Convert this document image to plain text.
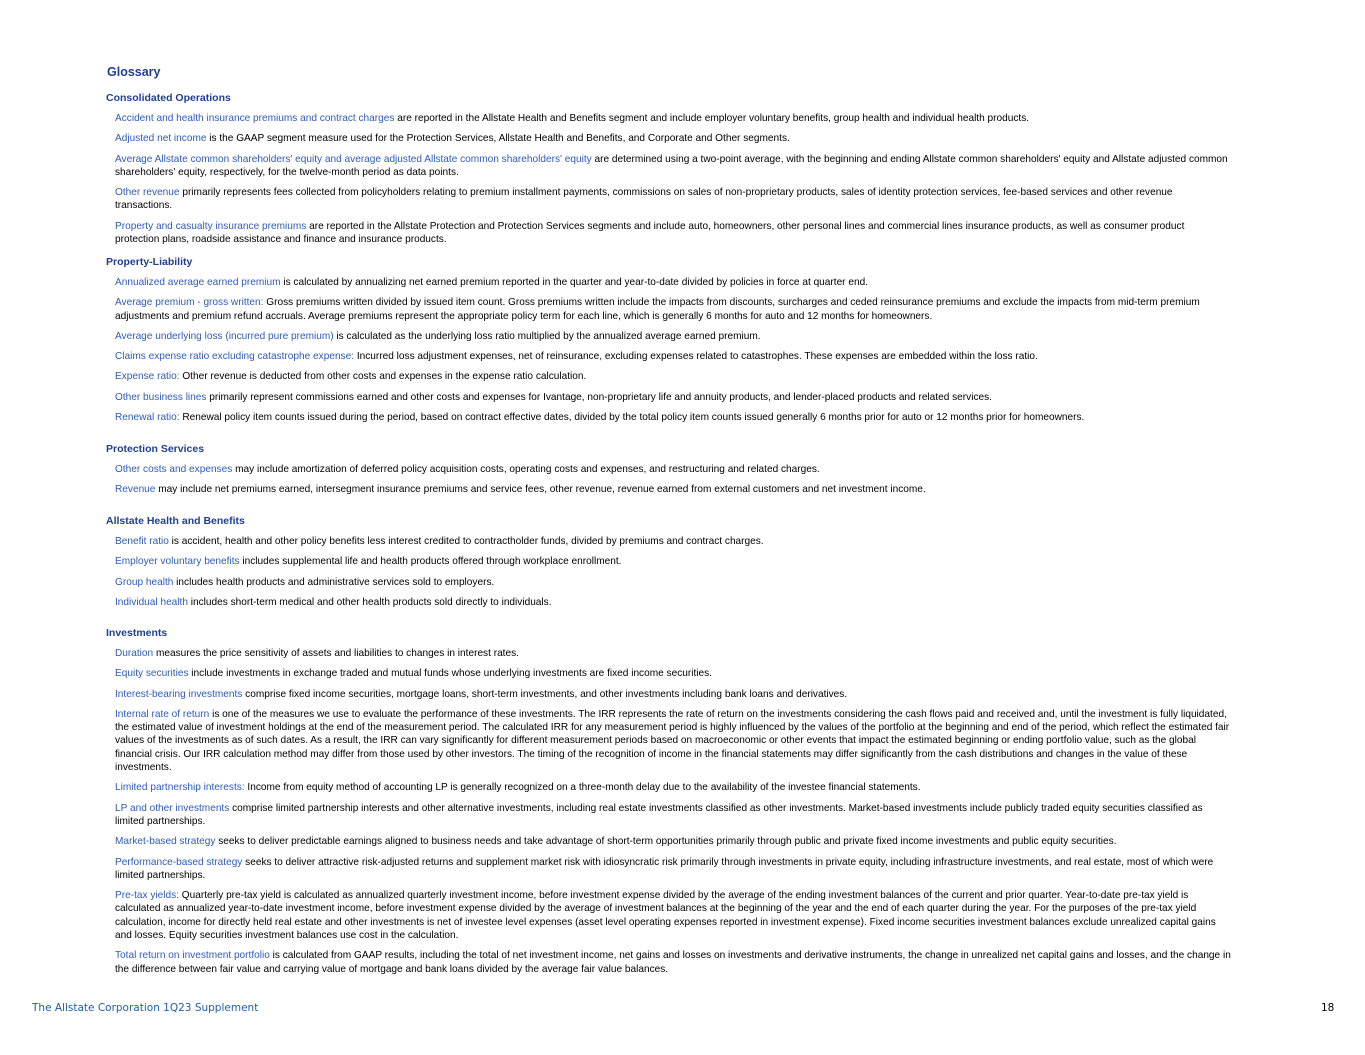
Glossary
Consolidated Operations
Accident and health insurance premiums and contract charges are reported in the Allstate Health and Benefits segment and include employer voluntary benefits, group health and individual health products.
Adjusted net income is the GAAP segment measure used for the Protection Services, Allstate Health and Benefits, and Corporate and Other segments.
Average Allstate common shareholders' equity and average adjusted Allstate common shareholders' equity are determined using a two-point average, with the beginning and ending Allstate common shareholders' equity and Allstate adjusted common shareholders' equity, respectively, for the twelve-month period as data points.
Other revenue primarily represents fees collected from policyholders relating to premium installment payments, commissions on sales of non-proprietary products, sales of identity protection services, fee-based services and other revenue transactions.
Property and casualty insurance premiums are reported in the Allstate Protection and Protection Services segments and include auto, homeowners, other personal lines and commercial lines insurance products, as well as consumer product protection plans, roadside assistance and finance and insurance products.
Property-Liability
Annualized average earned premium is calculated by annualizing net earned premium reported in the quarter and year-to-date divided by policies in force at quarter end.
Average premium - gross written: Gross premiums written divided by issued item count. Gross premiums written include the impacts from discounts, surcharges and ceded reinsurance premiums and exclude the impacts from mid-term premium adjustments and premium refund accruals. Average premiums represent the appropriate policy term for each line, which is generally 6 months for auto and 12 months for homeowners.
Average underlying loss (incurred pure premium) is calculated as the underlying loss ratio multiplied by the annualized average earned premium.
Claims expense ratio excluding catastrophe expense: Incurred loss adjustment expenses, net of reinsurance, excluding expenses related to catastrophes. These expenses are embedded within the loss ratio.
Expense ratio: Other revenue is deducted from other costs and expenses in the expense ratio calculation.
Other business lines primarily represent commissions earned and other costs and expenses for Ivantage, non-proprietary life and annuity products, and lender-placed products and related services.
Renewal ratio: Renewal policy item counts issued during the period, based on contract effective dates, divided by the total policy item counts issued generally 6 months prior for auto or 12 months prior for homeowners.
Protection Services
Other costs and expenses may include amortization of deferred policy acquisition costs, operating costs and expenses, and restructuring and related charges.
Revenue may include net premiums earned, intersegment insurance premiums and service fees, other revenue, revenue earned from external customers and net investment income.
Allstate Health and Benefits
Benefit ratio is accident, health and other policy benefits less interest credited to contractholder funds, divided by premiums and contract charges.
Employer voluntary benefits includes supplemental life and health products offered through workplace enrollment.
Group health includes health products and administrative services sold to employers.
Individual health includes short-term medical and other health products sold directly to individuals.
Investments
Duration measures the price sensitivity of assets and liabilities to changes in interest rates.
Equity securities include investments in exchange traded and mutual funds whose underlying investments are fixed income securities.
Interest-bearing investments comprise fixed income securities, mortgage loans, short-term investments, and other investments including bank loans and derivatives.
Internal rate of return is one of the measures we use to evaluate the performance of these investments. The IRR represents the rate of return on the investments considering the cash flows paid and received and, until the investment is fully liquidated, the estimated value of investment holdings at the end of the measurement period. The calculated IRR for any measurement period is highly influenced by the values of the portfolio at the beginning and end of the period, which reflect the estimated fair values of the investments as of such dates. As a result, the IRR can vary significantly for different measurement periods based on macroeconomic or other events that impact the estimated beginning or ending portfolio value, such as the global financial crisis. Our IRR calculation method may differ from those used by other investors. The timing of the recognition of income in the financial statements may differ significantly from the cash distributions and changes in the value of these investments.
Limited partnership interests: Income from equity method of accounting LP is generally recognized on a three-month delay due to the availability of the investee financial statements.
LP and other investments comprise limited partnership interests and other alternative investments, including real estate investments classified as other investments. Market-based investments include publicly traded equity securities classified as limited partnerships.
Market-based strategy seeks to deliver predictable earnings aligned to business needs and take advantage of short-term opportunities primarily through public and private fixed income investments and public equity securities.
Performance-based strategy seeks to deliver attractive risk-adjusted returns and supplement market risk with idiosyncratic risk primarily through investments in private equity, including infrastructure investments, and real estate, most of which were limited partnerships.
Pre-tax yields: Quarterly pre-tax yield is calculated as annualized quarterly investment income, before investment expense divided by the average of the ending investment balances of the current and prior quarter. Year-to-date pre-tax yield is calculated as annualized year-to-date investment income, before investment expense divided by the average of investment balances at the beginning of the year and the end of each quarter during the year. For the purposes of the pre-tax yield calculation, income for directly held real estate and other investments is net of investee level expenses (asset level operating expenses reported in investment expense). Fixed income securities investment balances exclude unrealized capital gains and losses. Equity securities investment balances use cost in the calculation.
Total return on investment portfolio is calculated from GAAP results, including the total of net investment income, net gains and losses on investments and derivative instruments, the change in unrealized net capital gains and losses, and the change in the difference between fair value and carrying value of mortgage and bank loans divided by the average fair value balances.
The Allstate Corporation 1Q23 Supplement	18
